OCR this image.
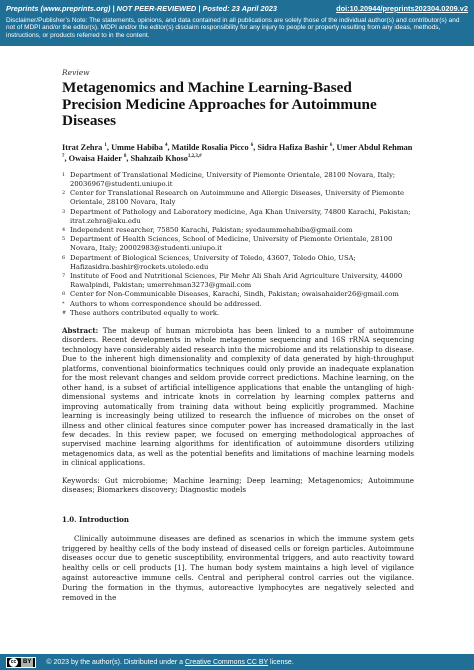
Preprints (www.preprints.org) | NOT PEER-REVIEWED | Posted: 23 April 2023	doi:10.20944/preprints202304.0209.v2
Disclaimer/Publisher’s Note: The statements, opinions, and data contained in all publications are solely those of the individual author(s) and contributor(s) and not of MDPI and/or the editor(s). MDPI and/or the editor(s) disclaim responsibility for any injury to people or property resulting from any ideas, methods, instructions, or products referred to in the content.
Review
Metagenomics and Machine Learning-Based Precision Medicine Approaches for Autoimmune Diseases
Itrat Zehra $^1$, Umme Habiba $^4$, Matilde Rosalia Picco $^6$, Sidra Hafiza Bashir $^6$, Umer Abdul Rehman $^7$, Owaisa Haider $^8$, Shahzaib Khoso$^{1,2,3,\#}$
1 Department of Translational Medicine, University of Piemonte Orientale, 28100 Novara, Italy; 20036967@studenti.uniupo.it
2 Center for Translational Research on Autoimmune and Allergic Diseases, University of Piemonte Orientale, 28100 Novara, Italy
3 Department of Pathology and Laboratory medicine, Aga Khan University, 74800 Karachi, Pakistan; itrat.zehra@aku.edu
4 Independent researcher, 75850 Karachi, Pakistan; syedaummehabiba@gmail.com
5 Department of Health Sciences, School of Medicine, University of Piemonte Orientale, 28100 Novara, Italy; 20002983@studenti.uniupo.it
6 Department of Biological Sciences, University of Toledo, 43607, Toledo Ohio, USA; Hafizasidra.bashir@rockets.utoledo.edu
7 Institute of Food and Nutritional Sciences, Pir Mehr Ali Shah Arid Agriculture University, 44000 Rawalpindi, Pakistan; umerrehman3273@gmail.com
8 Center for Non-Communicable Diseases, Karachi, Sindh, Pakistan; owaisahaider26@gmail.com
* Authors to whom correspondence should be addressed.
# These authors contributed equally to work.
Abstract: The makeup of human microbiota has been linked to a number of autoimmune disorders. Recent developments in whole metagenome sequencing and 16S rRNA sequencing technology have considerably aided research into the microbiome and its relationship to disease. Due to the inherent high dimensionality and complexity of data generated by high-throughput platforms, conventional bioinformatics techniques could only provide an inadequate explanation for the most relevant changes and seldom provide correct predictions. Machine learning, on the other hand, is a subset of artificial intelligence applications that enable the untangling of high-dimensional systems and intricate knots in correlation by learning complex patterns and improving automatically from training data without being explicitly programmed. Machine learning is increasingly being utilized to research the influence of microbes on the onset of illness and other clinical features since computer power has increased dramatically in the last few decades. In this review paper, we focused on emerging methodological approaches of supervised machine learning algorithms for identification of autoimmune disorders utilizing metagenomics data, as well as the potential benefits and limitations of machine learning models in clinical applications.
Keywords: Gut microbiome; Machine learning; Deep learning; Metagenomics; Autoimmune diseases; Biomarkers discovery; Diagnostic models
1.0. Introduction
Clinically autoimmune diseases are defined as scenarios in which the immune system gets triggered by healthy cells of the body instead of diseased cells or foreign particles. Autoimmune diseases occur due to genetic susceptibility, environmental triggers, and auto reactivity toward healthy cells or cell products [1]. The human body system maintains a high level of vigilance against autoreactive immune cells. Central and peripheral control carries out the vigilance. During the formation in the thymus, autoreactive lymphocytes are negatively selected and removed in the
cc	BY © 2023 by the author(s). Distributed under a Creative Commons CC BY license.
